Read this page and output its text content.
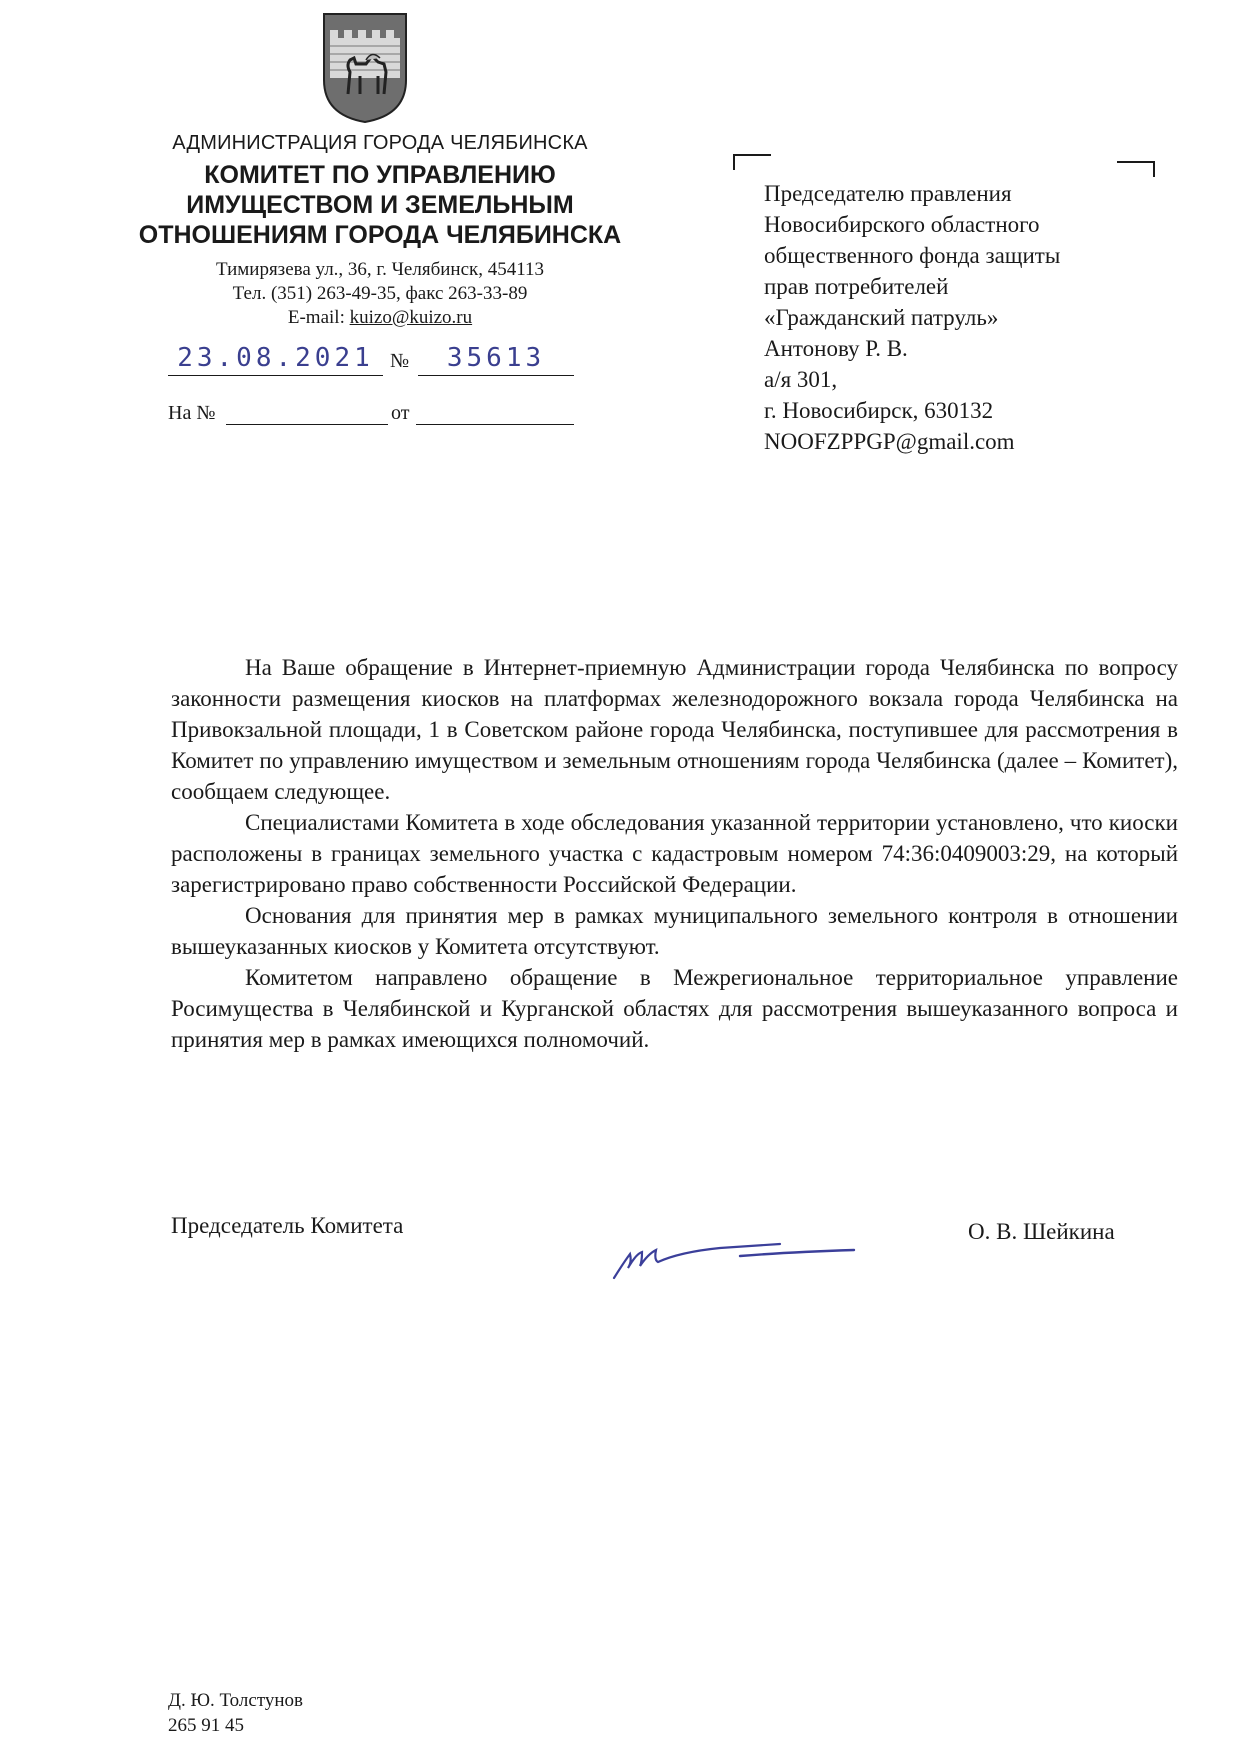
АДМИНИСТРАЦИЯ ГОРОДА ЧЕЛЯБИНСКА
КОМИТЕТ ПО УПРАВЛЕНИЮ
ИМУЩЕСТВОМ И ЗЕМЕЛЬНЫМ
ОТНОШЕНИЯМ ГОРОДА ЧЕЛЯБИНСКА
Тимирязева ул., 36, г. Челябинск, 454113
Тел. (351) 263-49-35, факс 263-33-89
E-mail: kuizo@kuizo.ru
23.08.2021 №	35613
На №	от
Председателю правления
Новосибирского областного
общественного фонда защиты
прав потребителей
«Гражданский патруль»
Антонову Р. В.
а/я 301,
г. Новосибирск, 630132
NOOFZPPGP@gmail.com

На Ваше обращение в Интернет-приемную Администрации города Челябинска по вопросу законности размещения киосков на платформах железнодорожного вокзала города Челябинска на Привокзальной площади, 1 в Советском районе города Челябинска, поступившее для рассмотрения в Комитет по управлению имуществом и земельным отношениям города Челябинска (далее – Комитет), сообщаем следующее.

Специалистами Комитета в ходе обследования указанной территории установлено, что киоски расположены в границах земельного участка с кадастровым номером 74:36:0409003:29, на который зарегистрировано право собственности Российской Федерации.

Основания для принятия мер в рамках муниципального земельного контроля в отношении вышеуказанных киосков у Комитета отсутствуют.

Комитетом направлено обращение в Межрегиональное территориальное управление Росимущества в Челябинской и Курганской областях для рассмотрения вышеуказанного вопроса и принятия мер в рамках имеющихся полномочий.

Председатель Комитета	О. В. Шейкина
Д. Ю. Толстунов
265 91 45
